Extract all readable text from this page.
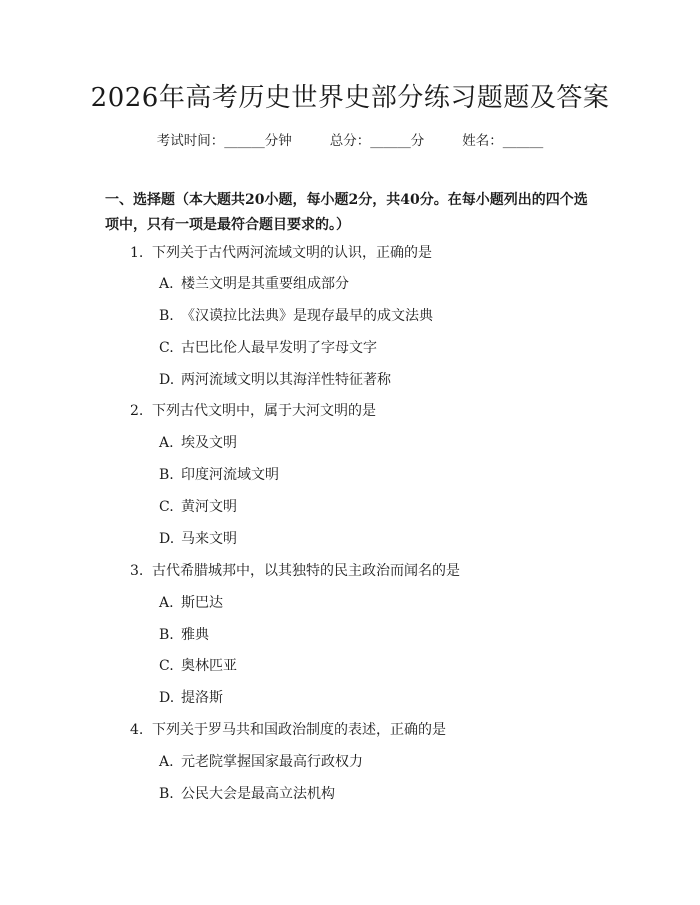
2026年高考历史世界史部分练习题题及答案
考试时间：______分钟	总分：______分	姓名：______
一、选择题（本大题共20小题，每小题2分，共40分。在每小题列出的四个选项中，只有一项是最符合题目要求的。）
1. 下列关于古代两河流域文明的认识，正确的是
A. 楼兰文明是其重要组成部分
B. 《汉谟拉比法典》是现存最早的成文法典
C. 古巴比伦人最早发明了字母文字
D. 两河流域文明以其海洋性特征著称
2. 下列古代文明中，属于大河文明的是
A. 埃及文明
B. 印度河流域文明
C. 黄河文明
D. 马来文明
3. 古代希腊城邦中，以其独特的民主政治而闻名的是
A. 斯巴达
B. 雅典
C. 奥林匹亚
D. 提洛斯
4. 下列关于罗马共和国政治制度的表述，正确的是
A. 元老院掌握国家最高行政权力
B. 公民大会是最高立法机构
